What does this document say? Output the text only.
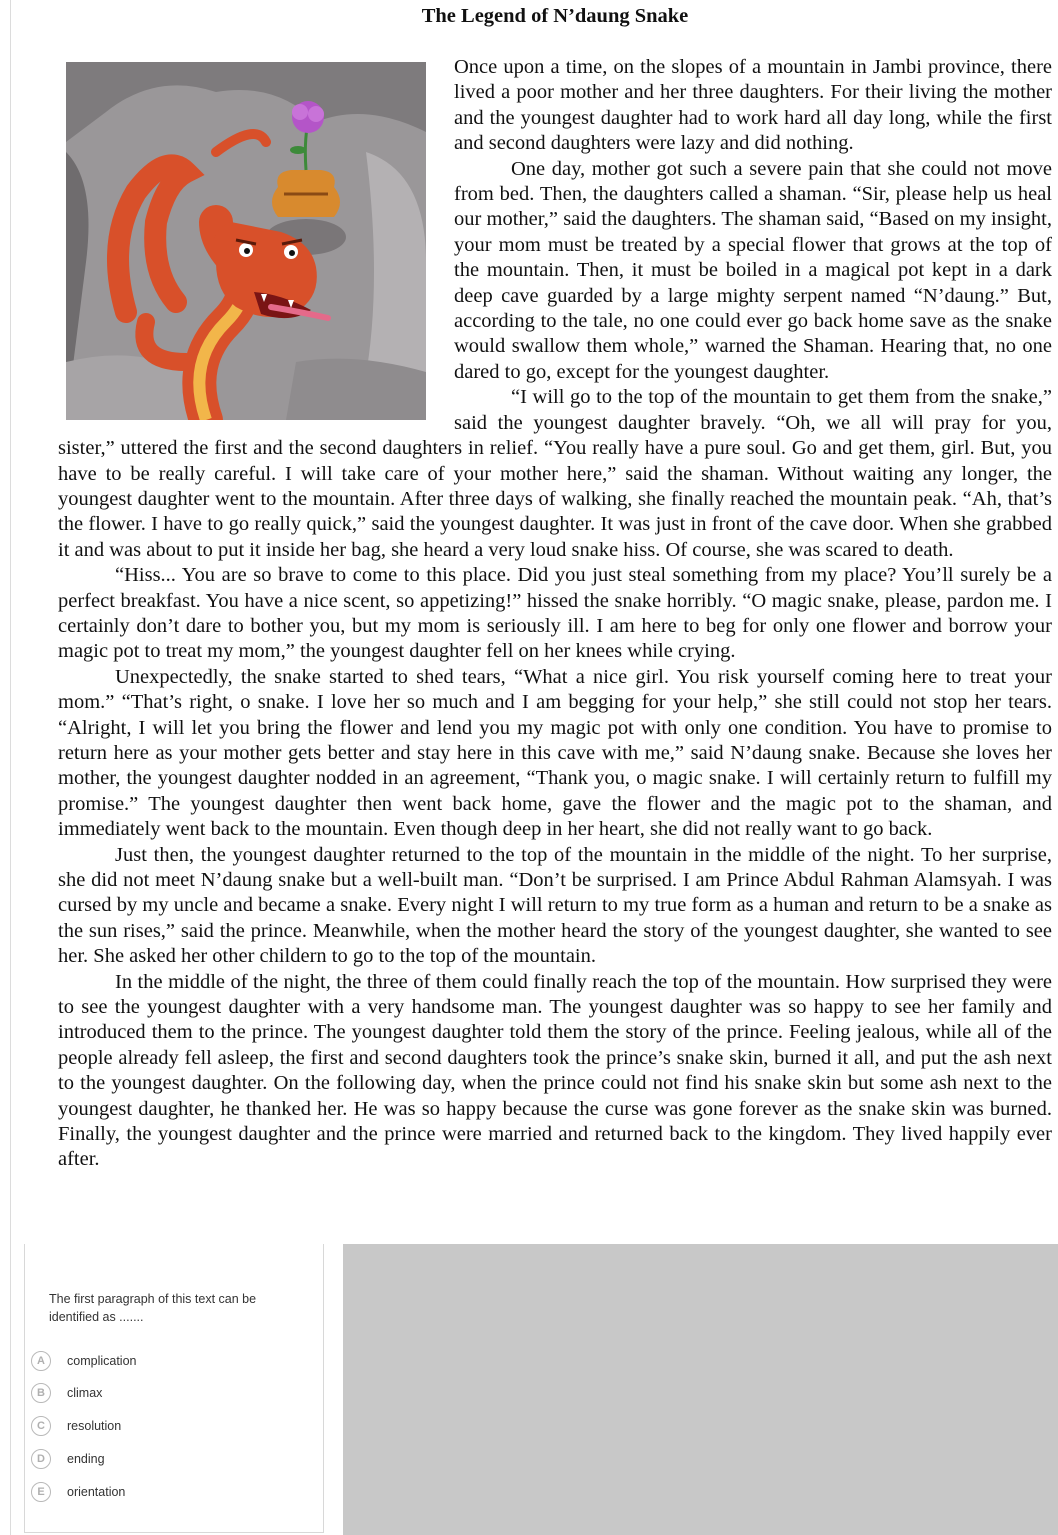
The Legend of N’daung Snake

Once upon a time, on the slopes of a mountain in Jambi province, there lived a poor mother and her three daughters. For their living the mother and the youngest daughter had to work hard all day long, while the first and second daughters were lazy and did nothing.

One day, mother got such a severe pain that she could not move from bed. Then, the daughters called a shaman. “Sir, please help us heal our mother,” said the daughters. The shaman said, “Based on my insight, your mom must be treated by a special flower that grows at the top of the mountain. Then, it must be boiled in a magical pot kept in a dark deep cave guarded by a large mighty serpent named “N’daung.” But, according to the tale, no one could ever go back home save as the snake would swallow them whole,” warned the Shaman. Hearing that, no one dared to go, except for the youngest daughter.

“I will go to the top of the mountain to get them from the snake,” said the youngest daughter bravely. “Oh, we all will pray for you, sister,” uttered the first and the second daughters in relief. “You really have a pure soul. Go and get them, girl. But, you have to be really careful. I will take care of your mother here,” said the shaman. Without waiting any longer, the youngest daughter went to the mountain. After three days of walking, she finally reached the mountain peak. “Ah, that’s the flower. I have to go really quick,” said the youngest daughter. It was just in front of the cave door. When she grabbed it and was about to put it inside her bag, she heard a very loud snake hiss. Of course, she was scared to death.

“Hiss... You are so brave to come to this place. Did you just steal something from my place? You’ll surely be a perfect breakfast. You have a nice scent, so appetizing!” hissed the snake horribly. “O magic snake, please, pardon me. I certainly don’t dare to bother you, but my mom is seriously ill. I am here to beg for only one flower and borrow your magic pot to treat my mom,” the youngest daughter fell on her knees while crying.

Unexpectedly, the snake started to shed tears, “What a nice girl. You risk yourself coming here to treat your mom.” “That’s right, o snake. I love her so much and I am begging for your help,” she still could not stop her tears. “Alright, I will let you bring the flower and lend you my magic pot with only one condition. You have to promise to return here as your mother gets better and stay here in this cave with me,” said N’daung snake. Because she loves her mother, the youngest daughter nodded in an agreement, “Thank you, o magic snake. I will certainly return to fulfill my promise.” The youngest daughter then went back home, gave the flower and the magic pot to the shaman, and immediately went back to the mountain. Even though deep in her heart, she did not really want to go back.

Just then, the youngest daughter returned to the top of the mountain in the middle of the night. To her surprise, she did not meet N’daung snake but a well-built man. “Don’t be surprised. I am Prince Abdul Rahman Alamsyah. I was cursed by my uncle and became a snake. Every night I will return to my true form as a human and return to be a snake as the sun rises,” said the prince. Meanwhile, when the mother heard the story of the youngest daughter, she wanted to see her. She asked her other childern to go to the top of the mountain.

In the middle of the night, the three of them could finally reach the top of the mountain. How surprised they were to see the youngest daughter with a very handsome man. The youngest daughter was so happy to see her family and introduced them to the prince. The youngest daughter told them the story of the prince. Feeling jealous, while all of the people already fell asleep, the first and second daughters took the prince’s snake skin, burned it all, and put the ash next to the youngest daughter. On the following day, when the prince could not find his snake skin but some ash next to the youngest daughter, he thanked her. He was so happy because the curse was gone forever as the snake skin was burned. Finally, the youngest daughter and the prince were married and returned back to the kingdom. They lived happily ever after.

The first paragraph of this text can be identified as .......
A	complication
B	climax
C	resolution
D	ending
E	orientation
